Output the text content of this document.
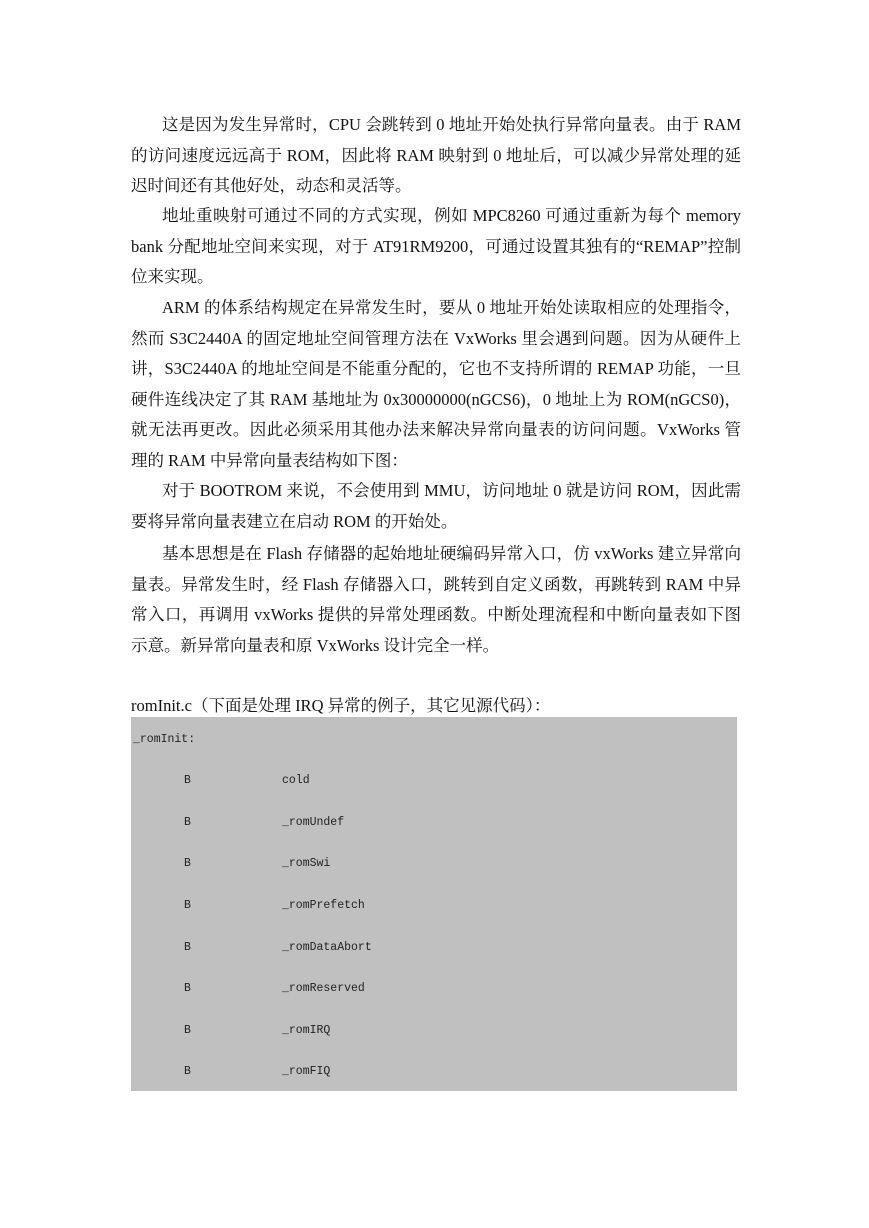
这是因为发生异常时，CPU 会跳转到 0 地址开始处执行异常向量表。由于 RAM 的访问速度远远高于 ROM，因此将 RAM 映射到 0 地址后，可以减少异常处理的延迟时间还有其他好处，动态和灵活等。

地址重映射可通过不同的方式实现，例如 MPC8260 可通过重新为每个 memory bank 分配地址空间来实现，对于 AT91RM9200，可通过设置其独有的“REMAP”控制位来实现。

ARM 的体系结构规定在异常发生时，要从 0 地址开始处读取相应的处理指令，然而 S3C2440A 的固定地址空间管理方法在 VxWorks 里会遇到问题。因为从硬件上讲，S3C2440A 的地址空间是不能重分配的，它也不支持所谓的 REMAP 功能，一旦硬件连线决定了其 RAM 基地址为 0x30000000(nGCS6)，0 地址上为 ROM(nGCS0)，就无法再更改。因此必须采用其他办法来解决异常向量表的访问问题。VxWorks 管理的 RAM 中异常向量表结构如下图：

对于 BOOTROM 来说，不会使用到 MMU，访问地址 0 就是访问 ROM，因此需要将异常向量表建立在启动 ROM 的开始处。

基本思想是在 Flash 存储器的起始地址硬编码异常入口，仿 vxWorks 建立异常向量表。异常发生时，经 Flash 存储器入口，跳转到自定义函数，再跳转到 RAM 中异常入口，再调用 vxWorks 提供的异常处理函数。中断处理流程和中断向量表如下图示意。新异常向量表和原 VxWorks 设计完全一样。

romInit.c（下面是处理 IRQ 异常的例子，其它见源代码）：

_romInit:
B	cold
B	_romUndef
B	_romSwi
B	_romPrefetch
B	_romDataAbort
B	_romReserved
B	_romIRQ
B	_romFIQ
